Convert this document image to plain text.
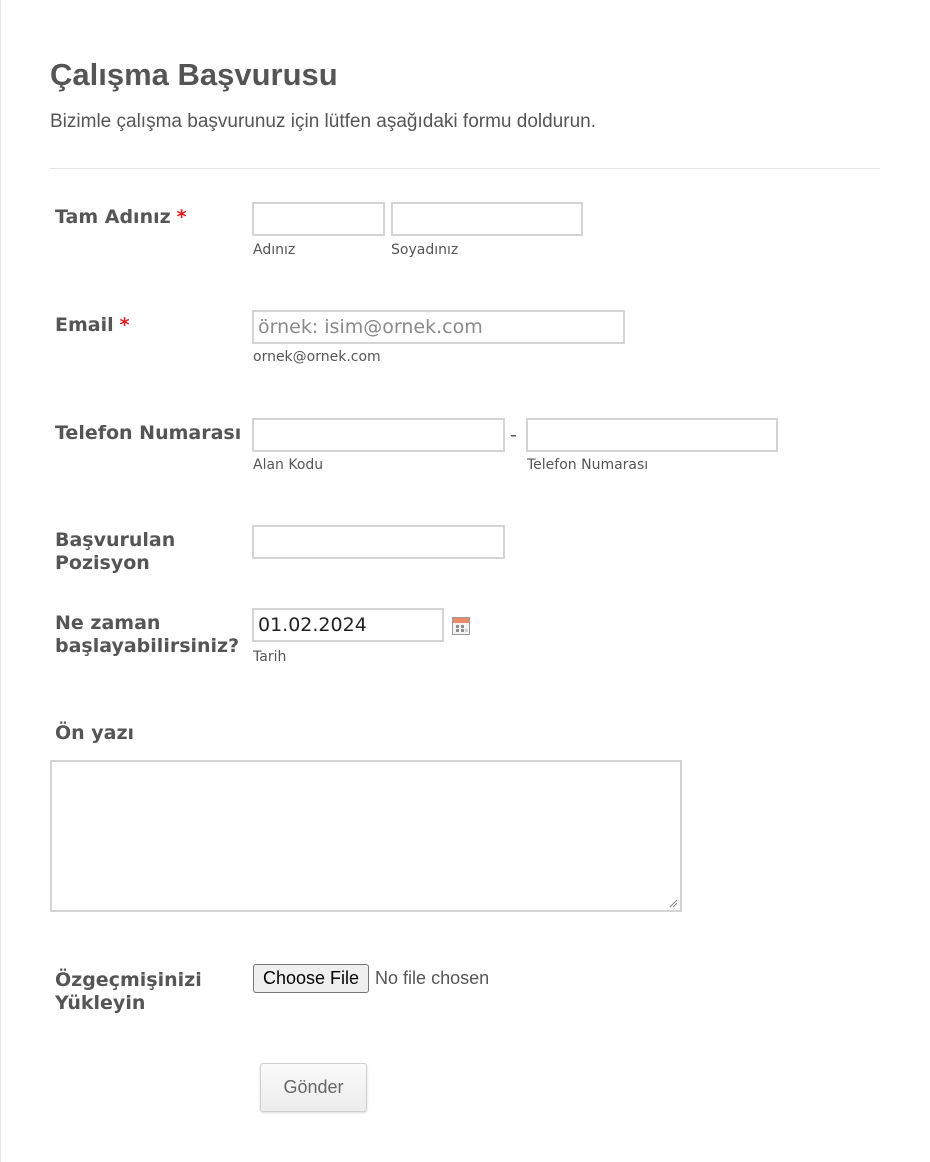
Çalışma Başvurusu

Bizimle çalışma başvurunuz için lütfen aşağıdaki formu doldurun.

Tam Adınız *
Adınız	Soyadınız
Email *	örnek: isim@ornek.com
ornek@ornek.com
Telefon Numarası
Alan Kodu
-
Telefon Numarası
Başvurulan
Pozisyon
Ne zaman
başlayabilirsiniz?
01.02.2024
Tarih
Ön yazı
Özgeçmişinizi
Yükleyin
Choose File No file chosen
Gönder
